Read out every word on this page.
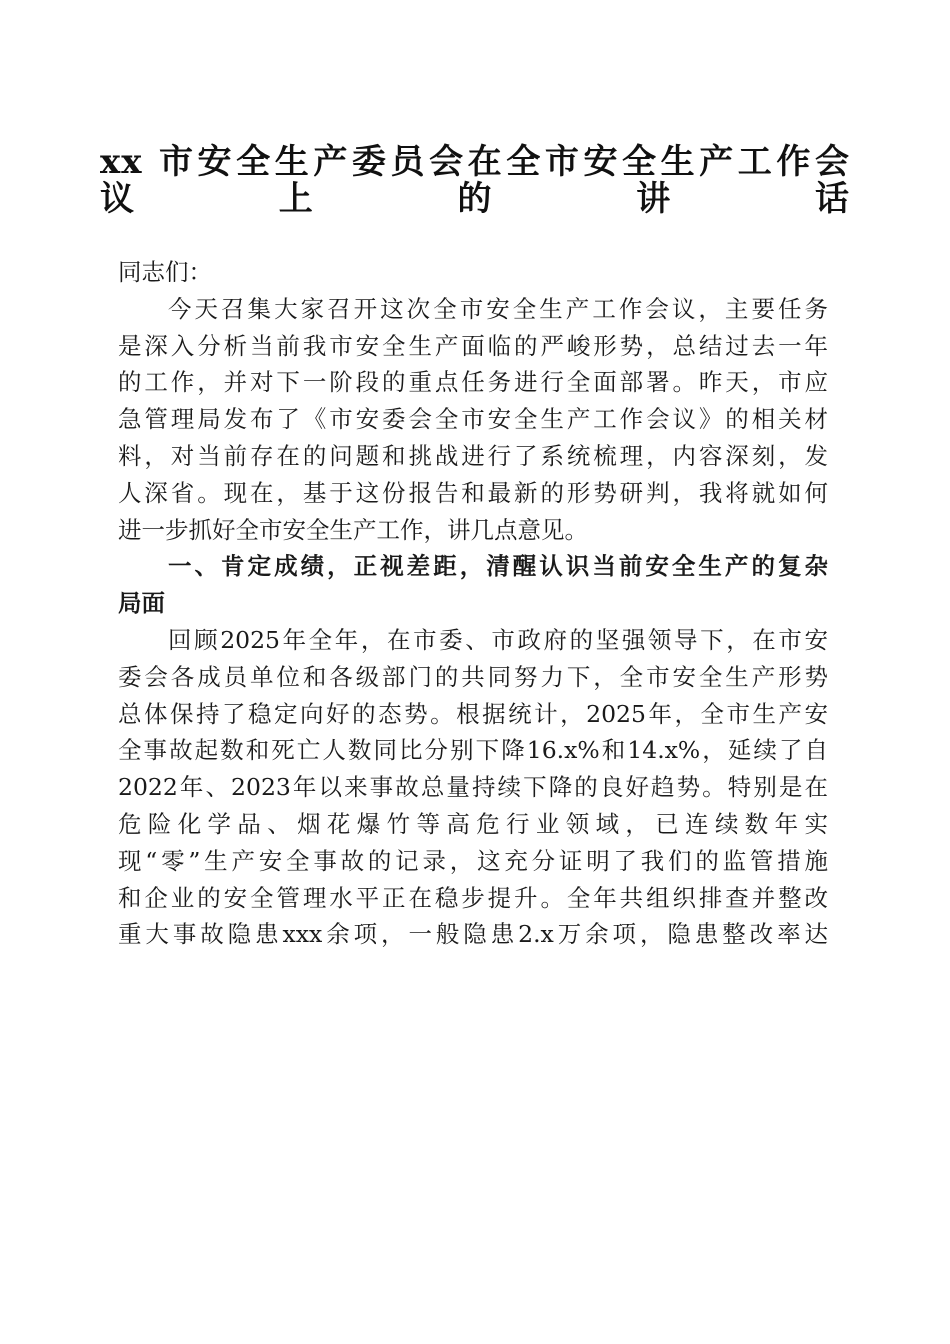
xx 市安全生产委员会在全市安全生产工作会
议上的讲话
同志们：
今天召集大家召开这次全市安全生产工作会议，主要任务
是深入分析当前我市安全生产面临的严峻形势，总结过去一年
的工作，并对下一阶段的重点任务进行全面部署。昨天，市应
急管理局发布了《市安委会全市安全生产工作会议》的相关材
料，对当前存在的问题和挑战进行了系统梳理，内容深刻，发
人深省。现在，基于这份报告和最新的形势研判，我将就如何
进一步抓好全市安全生产工作，讲几点意见。
一、肯定成绩，正视差距，清醒认识当前安全生产的复杂
局面
回顾2025年全年，在市委、市政府的坚强领导下，在市安
委会各成员单位和各级部门的共同努力下，全市安全生产形势
总体保持了稳定向好的态势。根据统计，2025年，全市生产安
全事故起数和死亡人数同比分别下降16.x%和14.x%，延续了自
2022年、2023年以来事故总量持续下降的良好趋势。特别是在
危险化学品、烟花爆竹等高危行业领域，已连续数年实
现“零”生产安全事故的记录，这充分证明了我们的监管措施
和企业的安全管理水平正在稳步提升。全年共组织排查并整改
重大事故隐患xxx余项，一般隐患2.x万余项，隐患整改率达
